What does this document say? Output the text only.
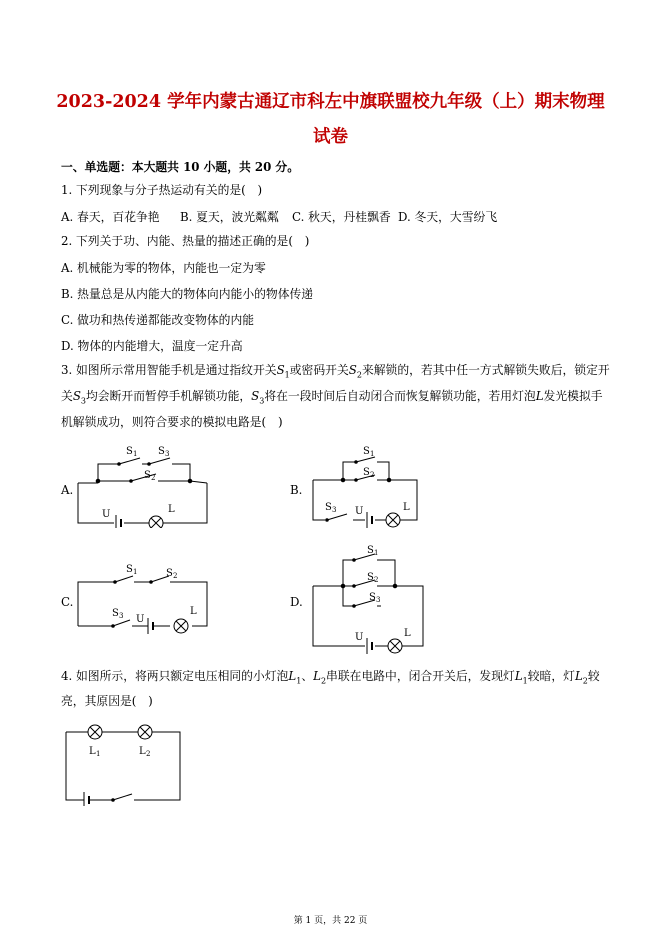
2023-2024 学年内蒙古通辽市科左中旗联盟校九年级（上）期末物理
试卷
一、单选题：本大题共 10 小题，共 20 分。
1. 下列现象与分子热运动有关的是(　)
A. 春天，百花争艳 B. 夏天，波光粼粼 C. 秋天，丹桂飘香 D. 冬天，大雪纷飞
2. 下列关于功、内能、热量的描述正确的是(　)
A. 机械能为零的物体，内能也一定为零
B. 热量总是从内能大的物体向内能小的物体传递
C. 做功和热传递都能改变物体的内能
D. 物体的内能增大，温度一定升高
3. 如图所示常用智能手机是通过指纹开关$S_1$或密码开关$S_2$来解锁的，若其中任一方式解锁失败后，锁定开
关$S_3$均会断开而暂停手机解锁功能，$S_3$将在一段时间后自动闭合而恢复解锁功能，若用灯泡L发光模拟手
机解锁成功，则符合要求的模拟电路是(　)
A.	B.
C.	D.
S 1 S 3
S 2
U	L
S 1
S 2
S 3 U	L
S 1	S 2
S 3 U
L
S 1
S 2
S 3
U	L
4. 如图所示，将两只额定电压相同的小灯泡$L_1$、$L_2$串联在电路中，闭合开关后，发现灯$L_1$较暗，灯$L_2$较
亮，其原因是(　)
L 1	L 2
第 1 页，共 22 页
